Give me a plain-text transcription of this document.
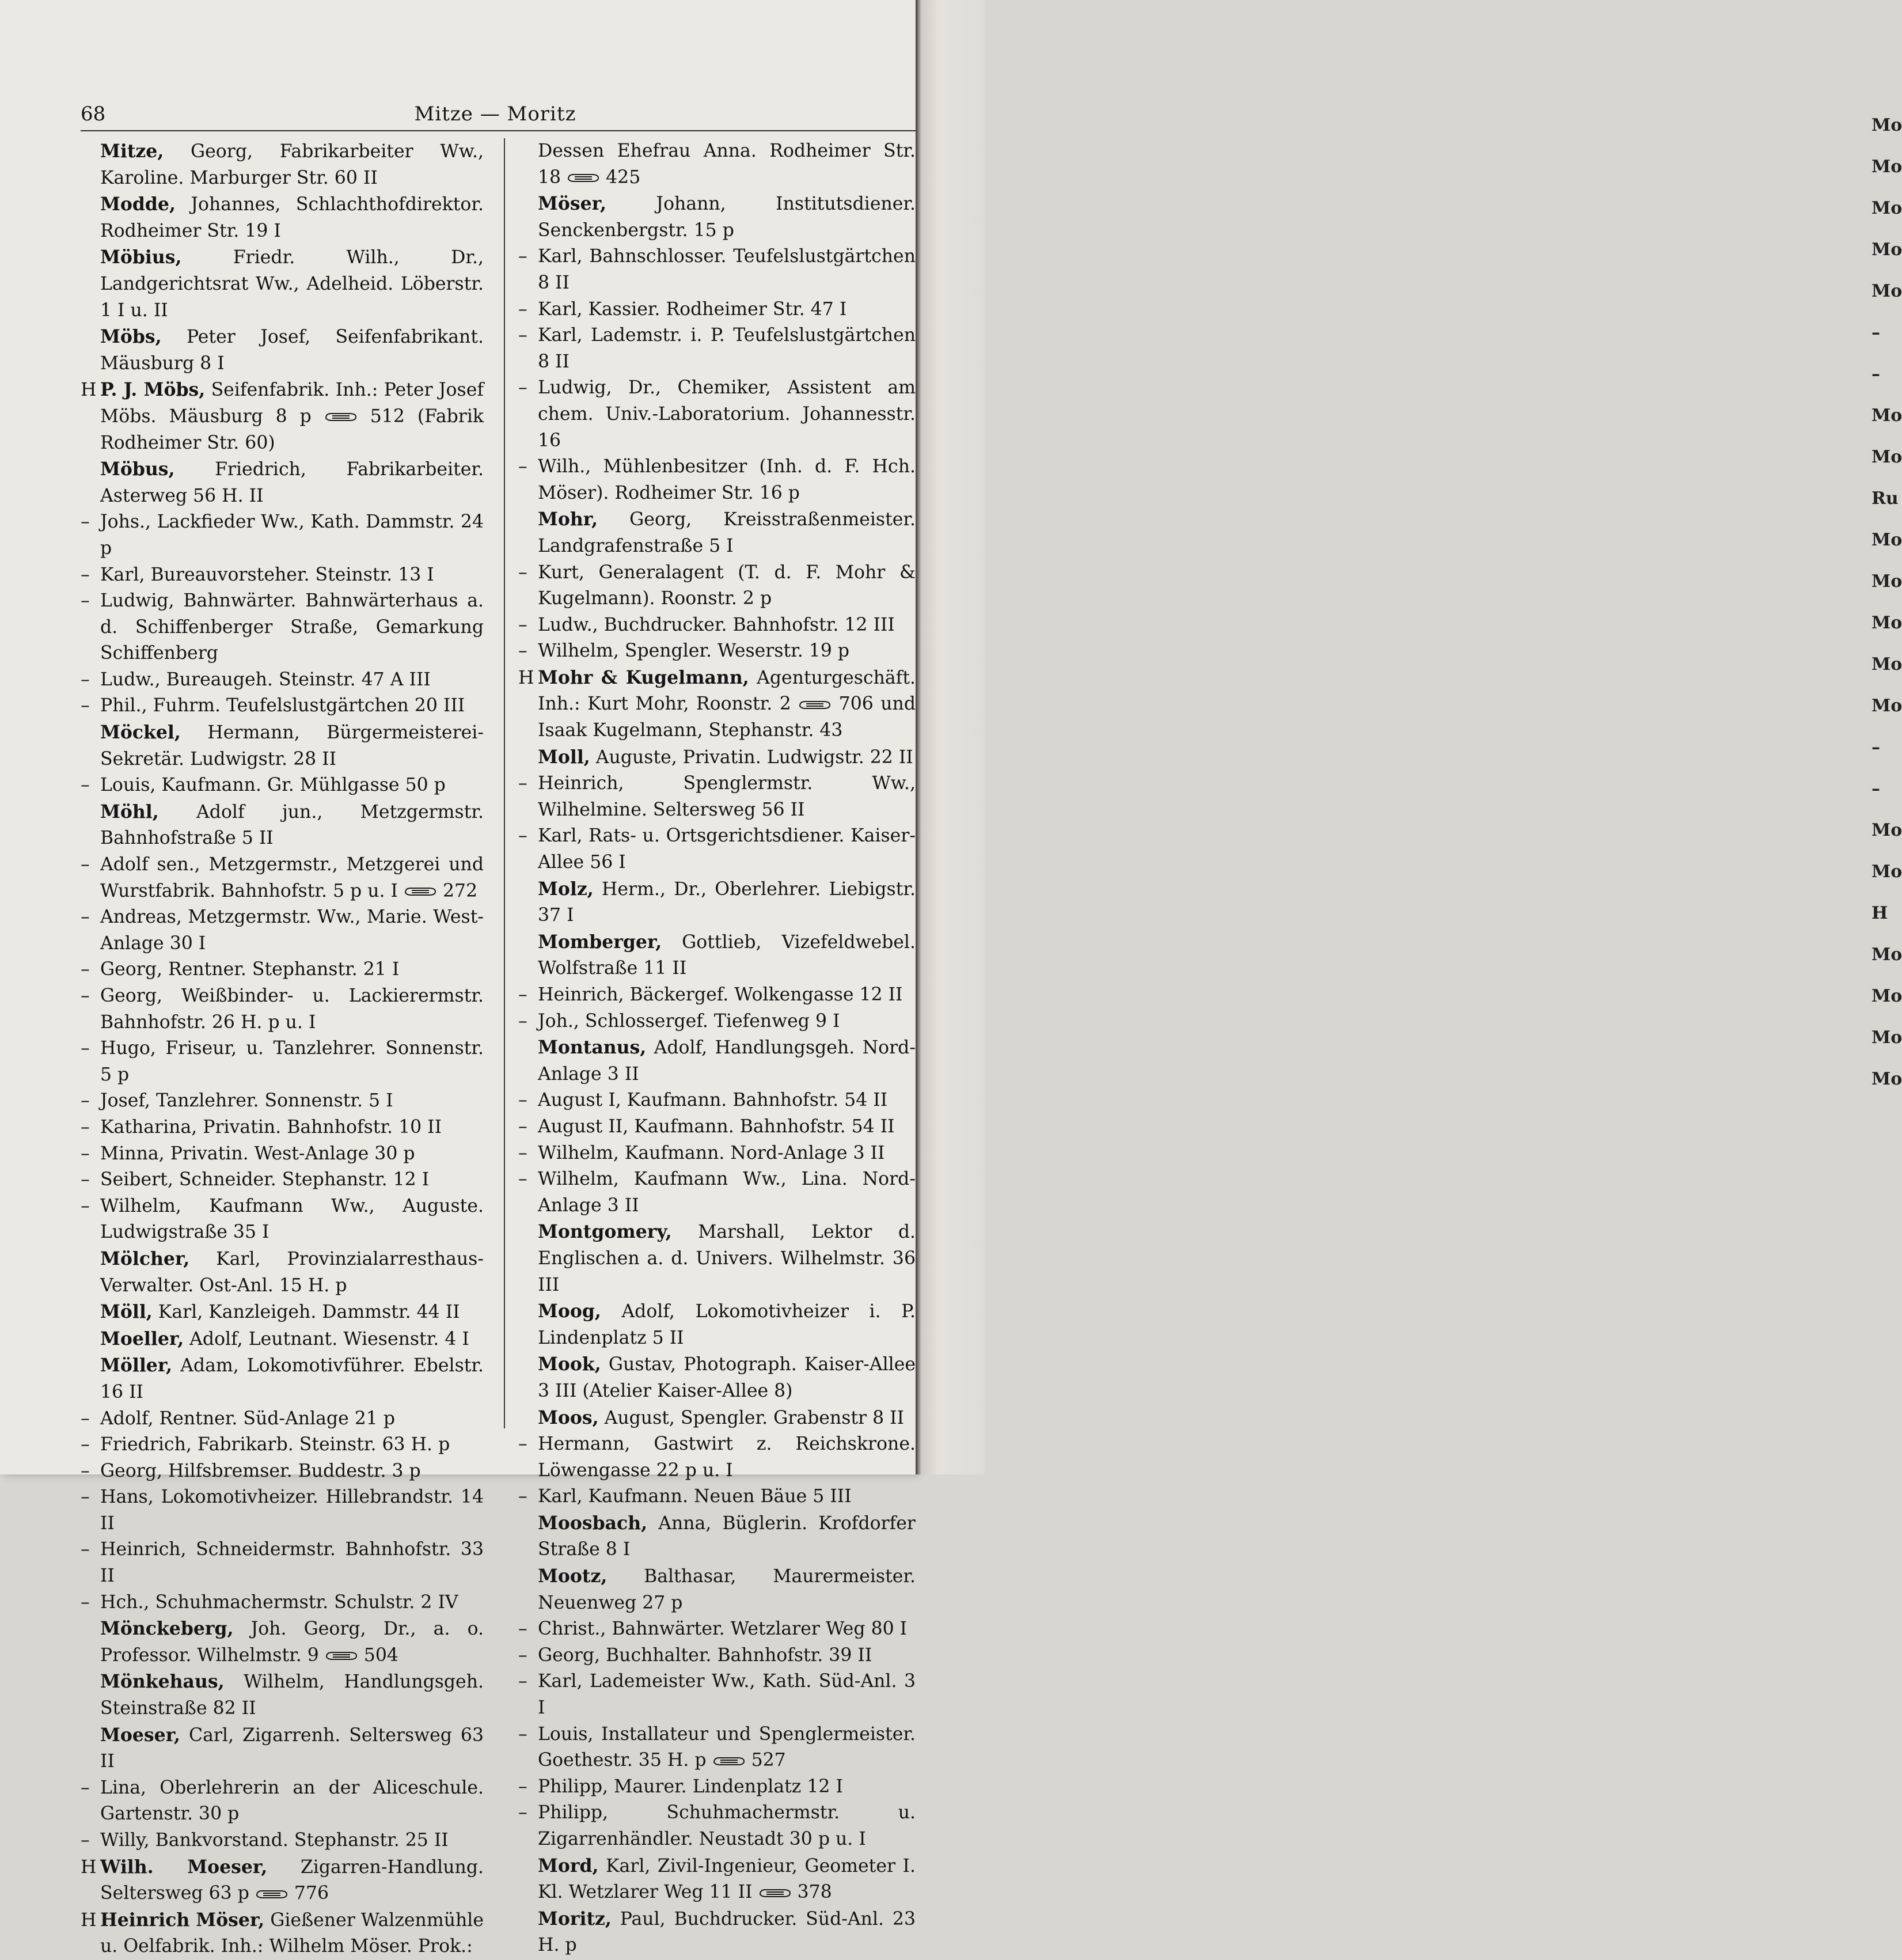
68	Mitze — Moritz

Mitze, Georg, Fabrikarbeiter Ww., Karoline. Marburger Str. 60 II

Modde, Johannes, Schlachthofdirektor. Rodheimer Str. 19 I

Möbius, Friedr. Wilh., Dr., Landgerichtsrat Ww., Adelheid. Löberstr. 1 I u. II

Möbs, Peter Josef, Seifenfabrikant. Mäusburg 8 I

H P. J. Möbs, Seifenfabrik. Inh.: Peter Josef Möbs. Mäusburg 8 p	512 (Fabrik Rodheimer Str. 60)

Möbus, Friedrich, Fabrikarbeiter. Asterweg 56 H. II

– Johs., Lackfieder Ww., Kath. Dammstr. 24 p

– Karl, Bureauvorsteher. Steinstr. 13 I

– Ludwig, Bahnwärter. Bahnwärterhaus a. d. Schiffenberger Straße, Gemarkung Schiffenberg

– Ludw., Bureaugeh. Steinstr. 47 A III

– Phil., Fuhrm. Teufelslustgärtchen 20 III

Möckel, Hermann, Bürgermeisterei-Sekretär. Ludwigstr. 28 II

– Louis, Kaufmann. Gr. Mühlgasse 50 p

Möhl, Adolf jun., Metzgermstr. Bahnhofstraße 5 II

– Adolf sen., Metzgermstr., Metzgerei und Wurstfabrik. Bahnhofstr. 5 p u. I
272

– Andreas, Metzgermstr. Ww., Marie. West-Anlage 30 I

– Georg, Rentner. Stephanstr. 21 I

– Georg, Weißbinder- u. Lackierermstr. Bahnhofstr. 26 H. p u. I

– Hugo, Friseur, u. Tanzlehrer. Sonnenstr. 5 p

– Josef, Tanzlehrer. Sonnenstr. 5 I

– Katharina, Privatin. Bahnhofstr. 10 II

– Minna, Privatin. West-Anlage 30 p

– Seibert, Schneider. Stephanstr. 12 I

– Wilhelm, Kaufmann Ww., Auguste. Ludwigstraße 35 I

Mölcher, Karl, Provinzialarresthaus-Verwalter. Ost-Anl. 15 H. p

Möll, Karl, Kanzleigeh. Dammstr. 44 II

Moeller, Adolf, Leutnant. Wiesenstr. 4 I

Möller, Adam, Lokomotivführer. Ebelstr. 16 II

– Adolf, Rentner. Süd-Anlage 21 p

– Friedrich, Fabrikarb. Steinstr. 63 H. p

– Georg, Hilfsbremser. Buddestr. 3 p

– Hans, Lokomotivheizer. Hillebrandstr. 14 II

– Heinrich, Schneidermstr. Bahnhofstr. 33 II

– Hch., Schuhmachermstr. Schulstr. 2 IV

Mönckeberg, Joh. Georg, Dr., a. o. Professor. Wilhelmstr. 9
504

Mönkehaus, Wilhelm, Handlungsgeh. Steinstraße 82 II

Moeser, Carl, Zigarrenh. Seltersweg 63 II

– Lina, Oberlehrerin an der Aliceschule. Gartenstr. 30 p

– Willy, Bankvorstand. Stephanstr. 25 II

H Wilh. Moeser, Zigarren-Handlung. Seltersweg 63 p
776

H Heinrich Möser, Gießener Walzenmühle u. Oelfabrik. Inh.: Wilhelm Möser. Prok.:

Dessen Ehefrau Anna. Rodheimer Str. 18
425

Möser, Johann, Institutsdiener. Senckenbergstr. 15 p

– Karl, Bahnschlosser. Teufelslustgärtchen 8 II

– Karl, Kassier. Rodheimer Str. 47 I

– Karl, Lademstr. i. P. Teufelslustgärtchen 8 II

– Ludwig, Dr., Chemiker, Assistent am chem. Univ.-Laboratorium. Johannesstr. 16

– Wilh., Mühlenbesitzer (Inh. d. F. Hch. Möser). Rodheimer Str. 16 p

Mohr, Georg, Kreisstraßenmeister. Landgrafenstraße 5 I

– Kurt, Generalagent (T. d. F. Mohr & Kugelmann). Roonstr. 2 p

– Ludw., Buchdrucker. Bahnhofstr. 12 III

– Wilhelm, Spengler. Weserstr. 19 p

H Mohr & Kugelmann, Agenturgeschäft. Inh.: Kurt Mohr, Roonstr. 2
706 und Isaak Kugelmann, Stephanstr. 43

Moll, Auguste, Privatin. Ludwigstr. 22 II

– Heinrich, Spenglermstr. Ww., Wilhelmine. Seltersweg 56 II

– Karl, Rats- u. Ortsgerichtsdiener. Kaiser-Allee 56 I

Molz, Herm., Dr., Oberlehrer. Liebigstr. 37 I

Momberger, Gottlieb, Vizefeldwebel. Wolfstraße 11 II

– Heinrich, Bäckergef. Wolkengasse 12 II

– Joh., Schlossergef. Tiefenweg 9 I

Montanus, Adolf, Handlungsgeh. Nord-Anlage 3 II

– August I, Kaufmann. Bahnhofstr. 54 II

– August II, Kaufmann. Bahnhofstr. 54 II

– Wilhelm, Kaufmann. Nord-Anlage 3 II

– Wilhelm, Kaufmann Ww., Lina. Nord-Anlage 3 II

Montgomery, Marshall, Lektor d. Englischen a. d. Univers. Wilhelmstr. 36 III

Moog, Adolf, Lokomotivheizer i. P. Lindenplatz 5 II

Mook, Gustav, Photograph. Kaiser-Allee 3 III (Atelier Kaiser-Allee 8)

Moos, August, Spengler. Grabenstr 8 II

– Hermann, Gastwirt z. Reichskrone. Löwengasse 22 p u. I

– Karl, Kaufmann. Neuen Bäue 5 III

Moosbach, Anna, Büglerin. Krofdorfer Straße 8 I

Mootz, Balthasar, Maurermeister. Neuenweg 27 p

– Christ., Bahnwärter. Wetzlarer Weg 80 I

– Georg, Buchhalter. Bahnhofstr. 39 II

– Karl, Lademeister Ww., Kath. Süd-Anl. 3 I

– Louis, Installateur und Spenglermeister. Goethestr. 35 H. p
527

– Philipp, Maurer. Lindenplatz 12 I

– Philipp, Schuhmachermstr. u. Zigarrenhändler. Neustadt 30 p u. I

Mord, Karl, Zivil-Ingenieur, Geometer I. Kl. Wetzlarer Weg 11 II
378

Moritz, Paul, Buchdrucker. Süd-Anl. 23 H. p

Mo
Mo
Mo
Mo
Mo
–
–
Mo
Mo
Ru
Mo
Mo
Mo
Mo
Mo
–
–
Mo
Mo
H
Mo
Mo
Mo
Mo
